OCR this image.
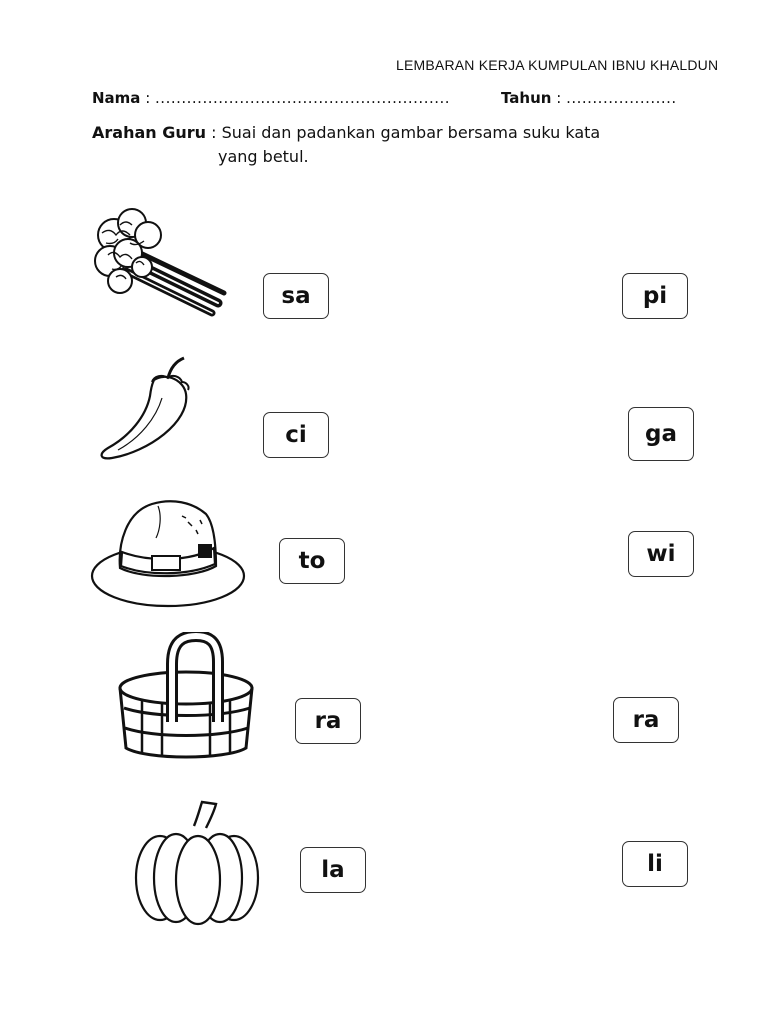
LEMBARAN KERJA KUMPULAN IBNU KHALDUN
Nama : ........................................................	Tahun : .....................
Arahan Guru : Suai dan padankan gambar bersama suku kata
yang betul.
sa
ci
to
ra
la
pi
ga
wi
ra
li
